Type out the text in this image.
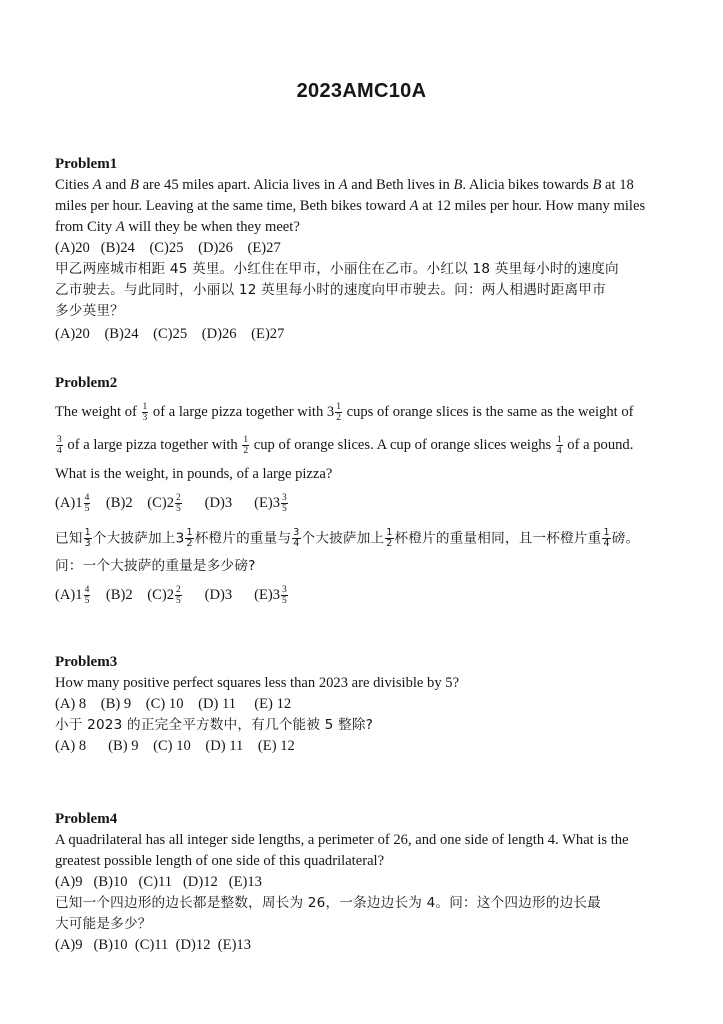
2023AMC10A

Problem1

Cities A and B are 45 miles apart. Alicia lives in A and Beth lives in B. Alicia bikes towards B at 18

miles per hour. Leaving at the same time, Beth bikes toward A at 12 miles per hour. How many miles

from City A will they be when they meet?

(A)20   (B)24    (C)25    (D)26    (E)27

甲乙两座城市相距 45 英里。小红住在甲市，小丽住在乙市。小红以 18 英里每小时的速度向

乙市驶去。与此同时，小丽以 12 英里每小时的速度向甲市驶去。问：两人相遇时距离甲市

多少英里？

(A)20    (B)24    (C)25    (D)26    (E)27

Problem2

The weight of $\frac{1}{3}$ of a large pizza together with $3 \frac{1}{2}$ cups of orange slices is the same as the weight of

$\frac{3}{4}$ of a large pizza together with $\frac{1}{2}$ cup of orange slices. A cup of orange slices weighs $\frac{1}{4}$ of a pound.

What is the weight, in pounds, of a large pizza?

$(A)1 \frac{4}{5} (B)2$    $(C)2 \frac{2}{5} (D)3$      $(E)3 \frac{3}{5}$

已知 $\frac{1}{3}$ 个大披萨加上$3 \frac{1}{2}$ 杯橙片的重量与 $\frac{3}{4}$ 个大披萨加上 $\frac{1}{2}$ 杯橙片的重量相同，且一杯橙片重 $\frac{1}{4}$ 磅。

问：一个大披萨的重量是多少磅?

$(A)1 \frac{4}{5} (B)2$    $(C)2 \frac{2}{5} (D)3$      $(E)3 \frac{3}{5}$

Problem3

How many positive perfect squares less than 2023 are divisible by 5?

(A) 8    (B) 9    (C) 10    (D) 11     (E) 12

小于 2023 的正完全平方数中，有几个能被 5 整除?

(A) 8      (B) 9    (C) 10    (D) 11    (E) 12

Problem4

A quadrilateral has all integer side lengths, a perimeter of 26, and one side of length 4. What is the

greatest possible length of one side of this quadrilateral?

(A)9   (B)10   (C)11   (D)12   (E)13

已知一个四边形的边长都是整数，周长为 26，一条边边长为 4。问：这个四边形的边长最

大可能是多少？

(A)9   (B)10  (C)11  (D)12  (E)13
